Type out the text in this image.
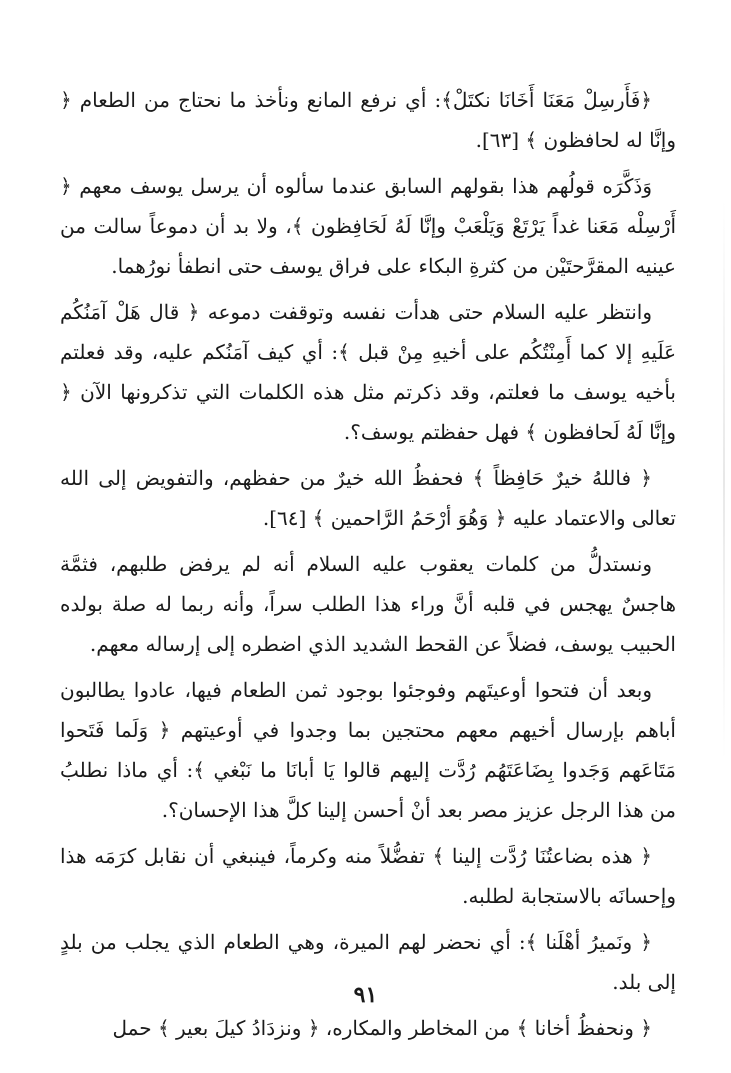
﴿فَأَرسِلْ مَعَنَا أَخَانَا نكتَلْ﴾: أي نرفع المانع ونأخذ ما نحتاج من الطعام ﴿ وإنَّا له لحافظون ﴾ [٦٣].

وَذَكَّرَه قولُهم هذا بقولهم السابق عندما سألوه أن يرسل يوسف معهم ﴿ أَرْسِلْه مَعَنا غداً يَرْتَعْ وَيَلْعَبْ وإنَّا لَهُ لَحَافِظون ﴾، ولا بد أن دموعاً سالت من عينيه المقرَّحتَيْن من كثرةِ البكاء على فراق يوسف حتى انطفأ نورُهما.

وانتظر عليه السلام حتى هدأت نفسه وتوقفت دموعه ﴿ قال هَلْ آمَنُكُم عَلَيهِ إلا كما أَمِنْتُكُم على أخيهِ مِنْ قبل ﴾: أي كيف آمَنُكم عليه، وقد فعلتم بأخيه يوسف ما فعلتم، وقد ذكرتم مثل هذه الكلمات التي تذكرونها الآن ﴿ وإنَّا لَهُ لَحافظون ﴾ فهل حفظتم يوسف؟.

﴿ فاللهُ خيرٌ حَافِظاً ﴾ فحفظُ الله خيرٌ من حفظهم، والتفويض إلى الله تعالى والاعتماد عليه ﴿ وَهُوَ أرْحَمُ الرَّاحمين ﴾ [٦٤].

ونستدلُّ من كلمات يعقوب عليه السلام أنه لم يرفض طلبهم، فثمَّة هاجسٌ يهجس في قلبه أنَّ وراء هذا الطلب سراً، وأنه ربما له صلة بولده الحبيب يوسف، فضلاً عن القحط الشديد الذي اضطره إلى إرساله معهم.

وبعد أن فتحوا أوعيتَهم وفوجئوا بوجود ثمن الطعام فيها، عادوا يطالبون أباهم بإرسال أخيهم معهم محتجين بما وجدوا في أوعيتهم ﴿ وَلَما فَتَحوا مَتَاعَهم وَجَدوا بِضَاعَتَهُم رُدَّت إليهم قالوا يَا أبانَا ما نَبْغي ﴾: أي ماذا نطلبُ من هذا الرجل عزيز مصر بعد أنْ أحسن إلينا كلَّ هذا الإحسان؟.

﴿ هذه بضاعتُنَا رُدَّت إلينا ﴾ تفضُّلاً منه وكرماً، فينبغي أن نقابل كرَمَه هذا وإحسانَه بالاستجابة لطلبه.

﴿ ونَميرُ أهْلَنا ﴾: أي نحضر لهم الميرة، وهي الطعام الذي يجلب من بلدٍ إلى بلد.

﴿ ونحفظُ أخانا ﴾ من المخاطر والمكاره، ﴿ ونزدَادُ كيلَ بعير ﴾ حمل

٩١
